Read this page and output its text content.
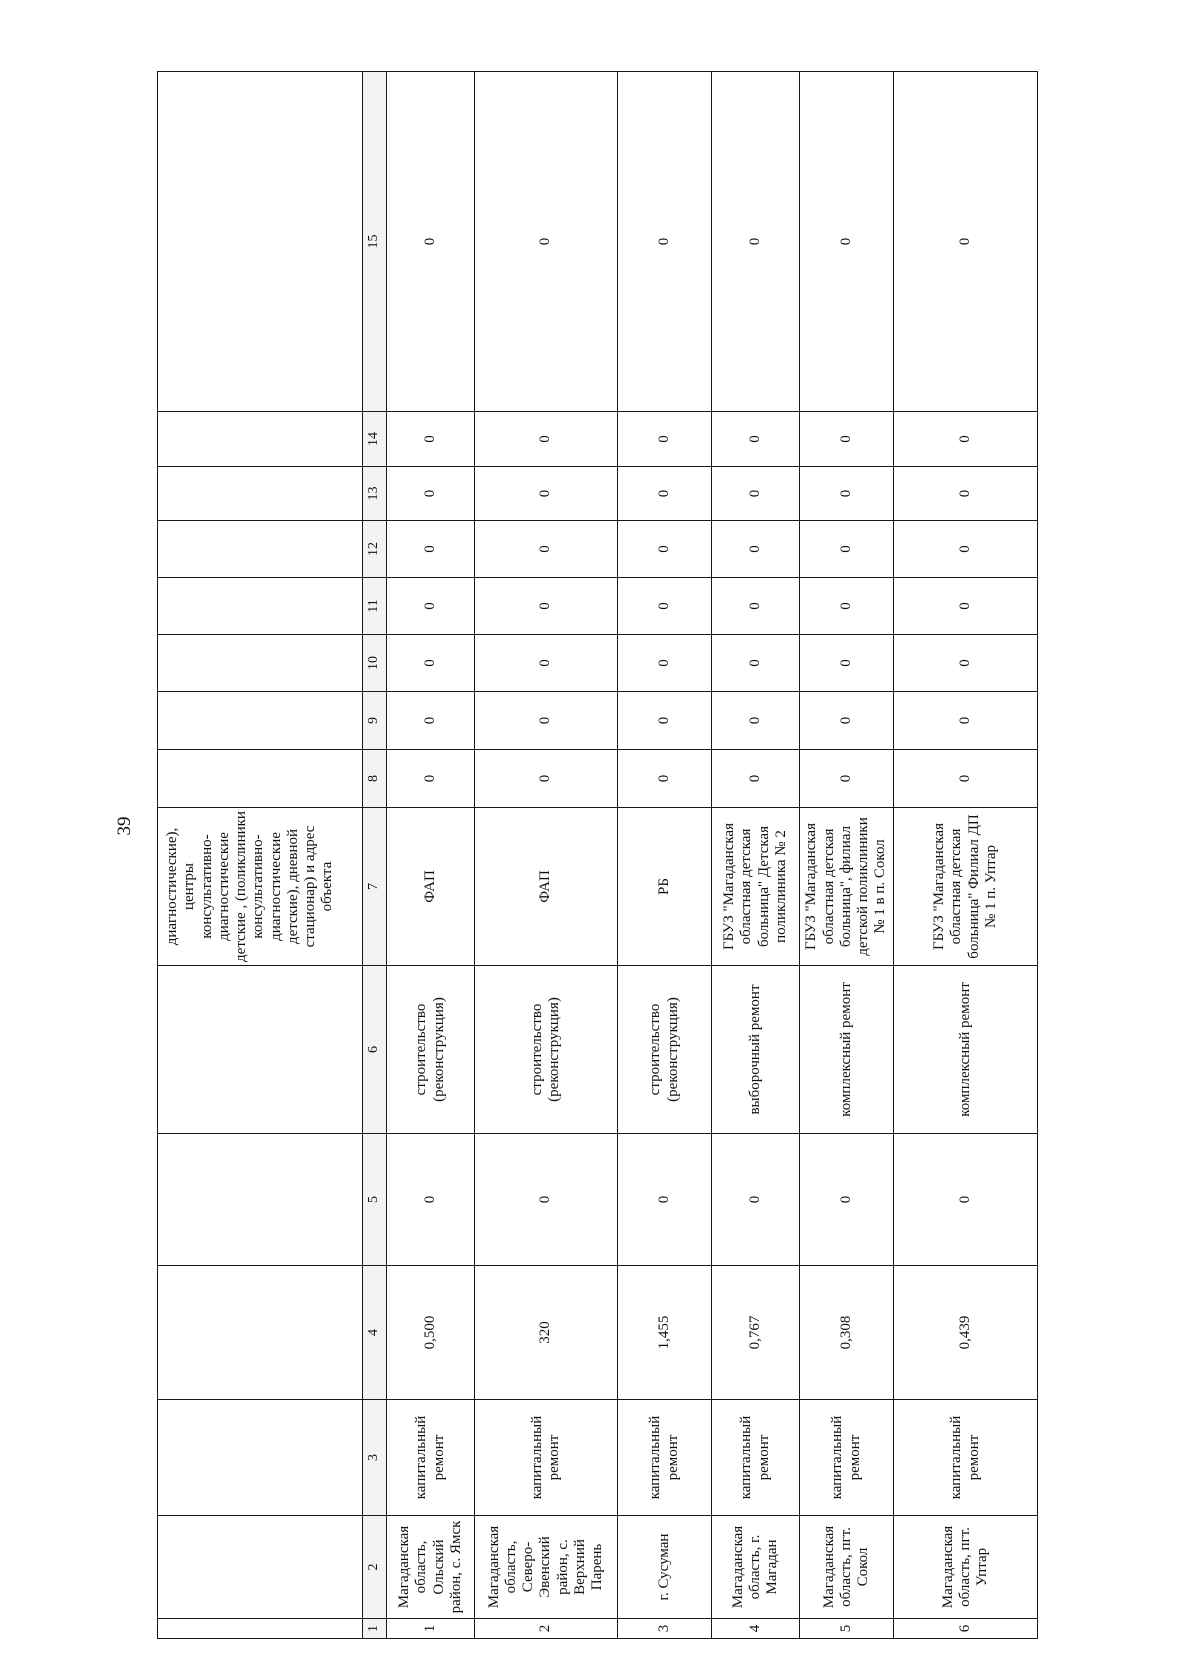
39
						диагностические), центры консультативно-диагностические детские , (поликлиники консультативно-диагностические детские), дневной стационар) и адрес объекта								
1	2	3	4	5	6	7	8	9	10	11	12	13	14	15
1	Магаданская область, Ольский район, с. Ямск	капитальный ремонт	0,500	0	строительство (реконструкция)	ФАП	0	0	0	0	0	0	0	0
2	Магаданская область, Северо-Эвенский район, с. Верхний Парень	капитальный ремонт	320	0	строительство (реконструкция)	ФАП	0	0	0	0	0	0	0	0
3	г. Сусуман	капитальный ремонт	1,455	0	строительство (реконструкция)	РБ	0	0	0	0	0	0	0	0
4	Магаданская область, г. Магадан	капитальный ремонт	0,767	0	выборочный ремонт	ГБУЗ "Магаданская областная детская больница" Детская поликлиника № 2	0	0	0	0	0	0	0	0
5	Магаданская область, пгт. Сокол	капитальный ремонт	0,308	0	комплексный ремонт	ГБУЗ "Магаданская областная детская больница", филиал детской поликлиники № 1 в п. Сокол	0	0	0	0	0	0	0	0
6	Магаданская область, пгт. Уптар	капитальный ремонт	0,439	0	комплексный ремонт	ГБУЗ "Магаданская областная детская больница" Филиал ДП № 1 п. Уптар	0	0	0	0	0	0	0	0
